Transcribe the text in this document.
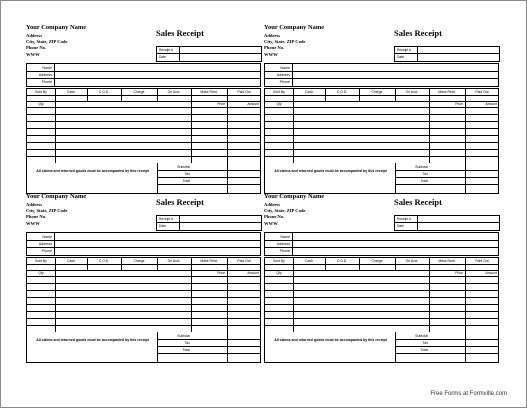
Your Company Name
Address
City, State, ZIP Code
Phone No.
WWW
Sales Receipt
Receipt #
Date
Name
Address
Phone
Sold By	Cash	C.O.D.	Charge	On Acct.	Mdse Retd.	Paid Out
Qty	Price	Amount
All claims and returned goods must be accompanied by this receipt
Subtotal
Tax
Total
Your Company Name
Address
City, State, ZIP Code
Phone No.
WWW
Sales Receipt
Receipt #
Date
Name
Address
Phone
Sold By	Cash	C.O.D.	Charge	On Acct.	Mdse Retd.	Paid Out
Qty	Price	Amount
All claims and returned goods must be accompanied by this receipt
Subtotal
Tax
Total
Your Company Name
Address
City, State, ZIP Code
Phone No.
WWW
Sales Receipt
Receipt #
Date
Name
Address
Phone
Sold By	Cash	C.O.D.	Charge	On Acct.	Mdse Retd.	Paid Out
Qty	Price	Amount
All claims and returned goods must be accompanied by this receipt
Subtotal
Tax
Total
Your Company Name
Address
City, State, ZIP Code
Phone No.
WWW
Sales Receipt
Receipt #
Date
Name
Address
Phone
Sold By	Cash	C.O.D.	Charge	On Acct.	Mdse Retd.	Paid Out
Qty	Price	Amount
All claims and returned goods must be accompanied by this receipt
Subtotal
Tax
Total
Free Forms at Formville.com
